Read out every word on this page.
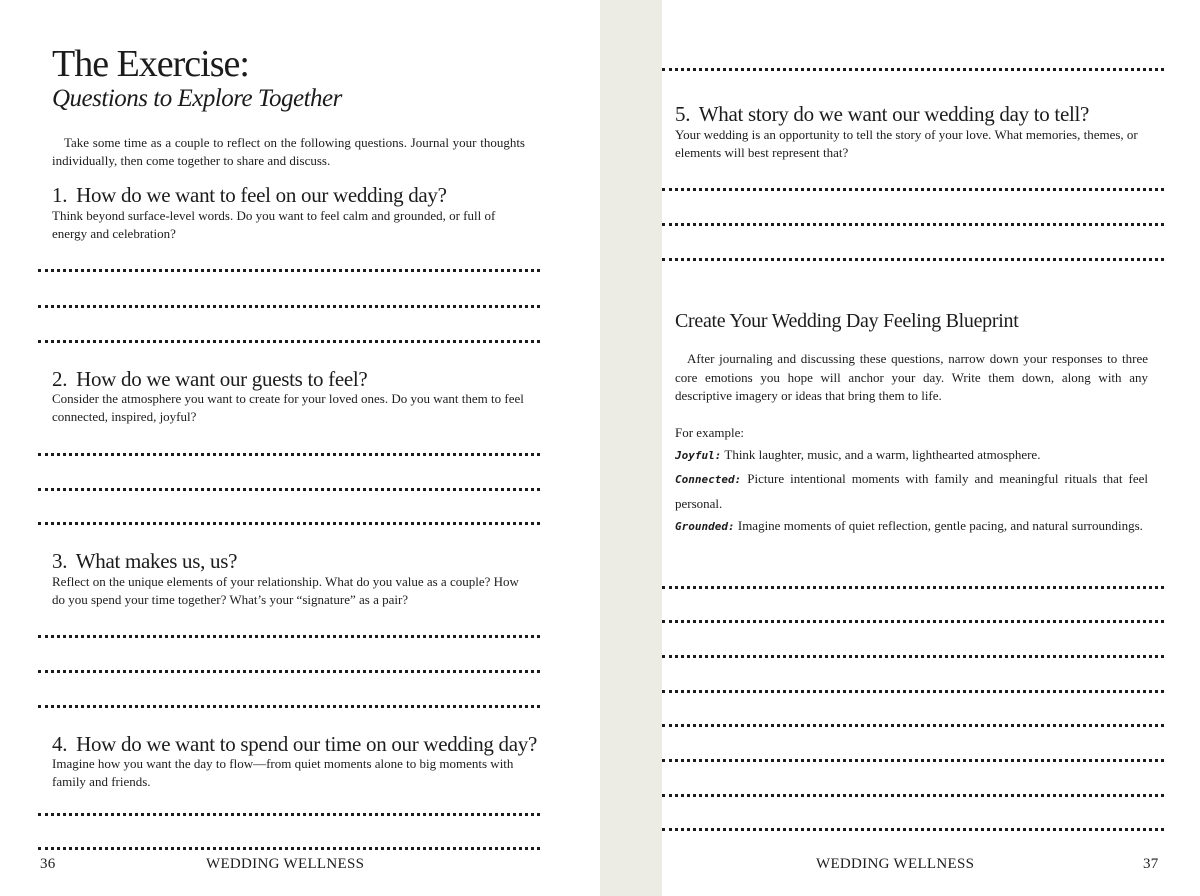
The Exercise:
Questions to Explore Together
Take some time as a couple to reflect on the following questions. Journal your thoughts individually, then come together to share and discuss.
1. How do we want to feel on our wedding day?
Think beyond surface-level words. Do you want to feel calm and grounded, or full of energy and celebration?
2. How do we want our guests to feel?
Consider the atmosphere you want to create for your loved ones. Do you want them to feel connected, inspired, joyful?
3. What makes us, us?
Reflect on the unique elements of your relationship. What do you value as a couple? How do you spend your time together? What’s your “signature” as a pair?
4. How do we want to spend our time on our wedding day?
Imagine how you want the day to flow—from quiet moments alone to big moments with family and friends.
36	WEDDING WELLNESS
5. What story do we want our wedding day to tell?
Your wedding is an opportunity to tell the story of your love. What memories, themes, or elements will best represent that?
Create Your Wedding Day Feeling Blueprint
After journaling and discussing these questions, narrow down your responses to three core emotions you hope will anchor your day. Write them down, along with any descriptive imagery or ideas that bring them to life.
For example:
Joyful: Think laughter, music, and a warm, lighthearted atmosphere.
Connected: Picture intentional moments with family and meaningful rituals that feel personal.
Grounded: Imagine moments of quiet reflection, gentle pacing, and natural surroundings.
WEDDING WELLNESS	37
